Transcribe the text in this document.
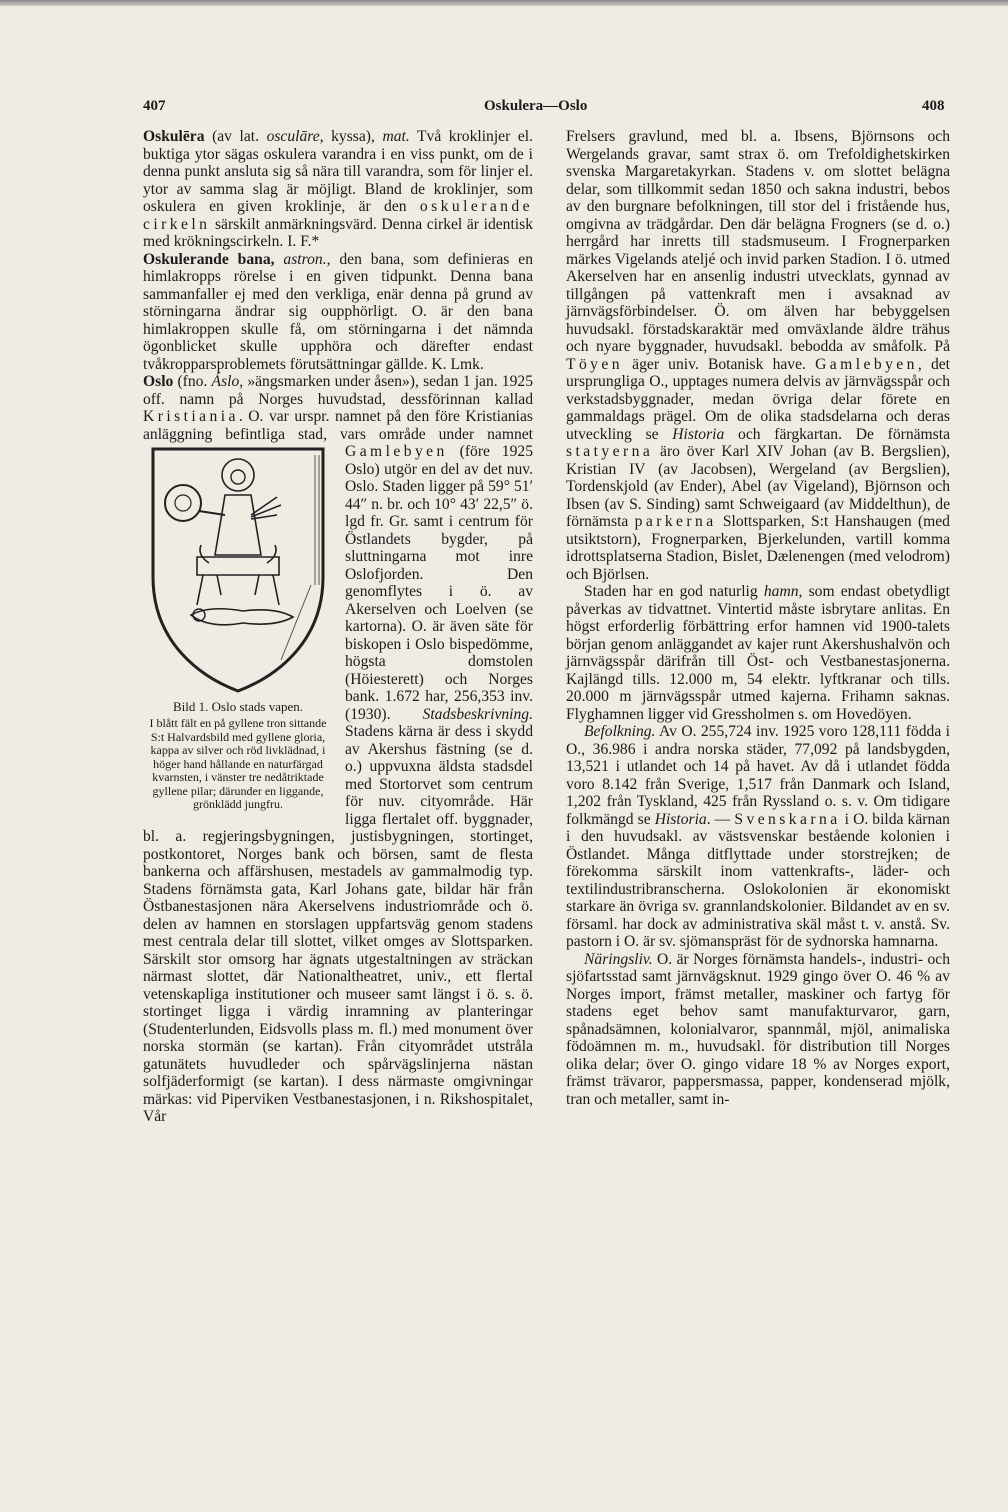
407	Oskulera—Oslo	408

Oskulēra (av lat. osculāre, kyssa), mat. Två kroklinjer el. buktiga ytor sägas oskulera varandra i en viss punkt, om de i denna punkt ansluta sig så nära till varandra, som för linjer el. ytor av samma slag är möjligt. Bland de kroklinjer, som oskulera en given kroklinje, är den oskulerande cirkeln särskilt anmärkningsvärd. Denna cirkel är identisk med krökningscirkeln. I. F.*

Oskulerande bana, astron., den bana, som definieras en himlakropps rörelse i en given tidpunkt. Denna bana sammanfaller ej med den verkliga, enär denna på grund av störningarna ändrar sig oupphörligt. O. är den bana himlakroppen skulle få, om störningarna i det nämnda ögonblicket skulle upphöra och därefter endast tvåkropparsproblemets förutsättningar gällde. K. Lmk.

Oslo (fno. Áslo, »ängsmarken under åsen»), sedan 1 jan. 1925 off. namn på Norges huvudstad, dessförinnan kallad Kristiania. O. var urspr. namnet på den före Kristianias anläggning befintliga stad, vars område under namnet
Bild 1. Oslo stads vapen.
I blått fält en på gyllene tron sittande S:t Halvardsbild med gyllene gloria, kappa av silver och röd livklädnad, i höger hand hållande en naturfärgad kvarnsten, i vänster tre nedåtriktade gyllene pilar; därunder en liggande, grönklädd jungfru.
Gamlebyen (före 1925 Oslo) utgör en del av det nuv. Oslo. Staden ligger på 59° 51′ 44″ n. br. och 10° 43′ 22,5″ ö. lgd fr. Gr. samt i centrum för Östlandets bygder, på sluttningarna mot inre Oslofjorden. Den genomflytes i ö. av Akerselven och Loelven (se kartorna). O. är även säte för biskopen i Oslo bispedömme, högsta domstolen (Höiesterett) och Norges bank. 1.672 har, 256,353 inv. (1930). Stadsbeskrivning. Stadens kärna är dess i skydd av Akershus fästning (se d. o.) uppvuxna äldsta stadsdel med Stortorvet som centrum för nuv. cityområde. Här ligga flertalet off. byggnader, bl. a. regjeringsbygningen, justisbygningen, stortinget, postkontoret, Norges bank och börsen, samt de flesta bankerna och affärshusen, mestadels av gammalmodig typ. Stadens förnämsta gata, Karl Johans gate, bildar här från Östbanestasjonen nära Akerselvens industriområde och ö. delen av hamnen en storslagen uppfartsväg genom stadens mest centrala delar till slottet, vilket omges av Slottsparken. Särskilt stor omsorg har ägnats utgestaltningen av sträckan närmast slottet, där Nationaltheatret, univ., ett flertal vetenskapliga institutioner och museer samt längst i ö. s. ö. stortinget ligga i värdig inramning av planteringar (Studenterlunden, Eidsvolls plass m. fl.) med monument över norska stormän (se kartan). Från cityområdet utstråla gatunätets huvudleder och spårvägslinjerna nästan solfjäderformigt (se kartan). I dess närmaste omgivningar märkas: vid Piperviken Vestbanestasjonen, i n. Rikshospitalet, Vår

Frelsers gravlund, med bl. a. Ibsens, Björnsons och Wergelands gravar, samt strax ö. om Trefoldighetskirken svenska Margaretakyrkan. Stadens v. om slottet belägna delar, som tillkommit sedan 1850 och sakna industri, bebos av den burgnare befolkningen, till stor del i fristående hus, omgivna av trädgårdar. Den där belägna Frogners (se d. o.) herrgård har inretts till stadsmuseum. I Frognerparken märkes Vigelands ateljé och invid parken Stadion. I ö. utmed Akerselven har en ansenlig industri utvecklats, gynnad av tillgången på vattenkraft men i avsaknad av järnvägsförbindelser. Ö. om älven har bebyggelsen huvudsakl. förstadskaraktär med omväxlande äldre trähus och nyare byggnader, huvudsakl. bebodda av småfolk. På Töyen äger univ. Botanisk have. Gamlebyen, det ursprungliga O., upptages numera delvis av järnvägsspår och verkstadsbyggnader, medan övriga delar förete en gammaldags prägel. Om de olika stadsdelarna och deras utveckling se Historia och färgkartan. De förnämsta statyerna äro över Karl XIV Johan (av B. Bergslien), Kristian IV (av Jacobsen), Wergeland (av Bergslien), Tordenskjold (av Ender), Abel (av Vigeland), Björnson och Ibsen (av S. Sinding) samt Schweigaard (av Middelthun), de förnämsta parkerna Slottsparken, S:t Hanshaugen (med utsiktstorn), Frognerparken, Bjerkelunden, vartill komma idrottsplatserna Stadion, Bislet, Dælenengen (med velodrom) och Björlsen.

Staden har en god naturlig hamn, som endast obetydligt påverkas av tidvattnet. Vintertid måste isbrytare anlitas. En högst erforderlig förbättring erfor hamnen vid 1900-talets början genom anläggandet av kajer runt Akershushalvön och järnvägsspår därifrån till Öst- och Vestbanestasjonerna. Kajlängd tills. 12.000 m, 54 elektr. lyftkranar och tills. 20.000 m järnvägsspår utmed kajerna. Frihamn saknas. Flyghamnen ligger vid Gressholmen s. om Hovedöyen.

Befolkning. Av O. 255,724 inv. 1925 voro 128,111 födda i O., 36.986 i andra norska städer, 77,092 på landsbygden, 13,521 i utlandet och 14 på havet. Av då i utlandet födda voro 8.142 från Sverige, 1,517 från Danmark och Island, 1,202 från Tyskland, 425 från Ryssland o. s. v. Om tidigare folkmängd se Historia. — Svenskarna i O. bilda kärnan i den huvudsakl. av västsvenskar bestående kolonien i Östlandet. Många ditflyttade under storstrejken; de förekomma särskilt inom vattenkrafts-, läder- och textilindustribranscherna. Oslokolonien är ekonomiskt starkare än övriga sv. grannlandskolonier. Bildandet av en sv. församl. har dock av administrativa skäl måst t. v. anstå. Sv. pastorn i O. är sv. sjömanspräst för de sydnorska hamnarna.

Näringsliv. O. är Norges förnämsta handels-, industri- och sjöfartsstad samt järnvägsknut. 1929 gingo över O. 46 % av Norges import, främst metaller, maskiner och fartyg för stadens eget behov samt manufakturvaror, garn, spånadsämnen, kolonialvaror, spannmål, mjöl, animaliska födoämnen m. m., huvudsakl. för distribution till Norges olika delar; över O. gingo vidare 18 % av Norges export, främst trävaror, pappersmassa, papper, kondenserad mjölk, tran och metaller, samt in-
